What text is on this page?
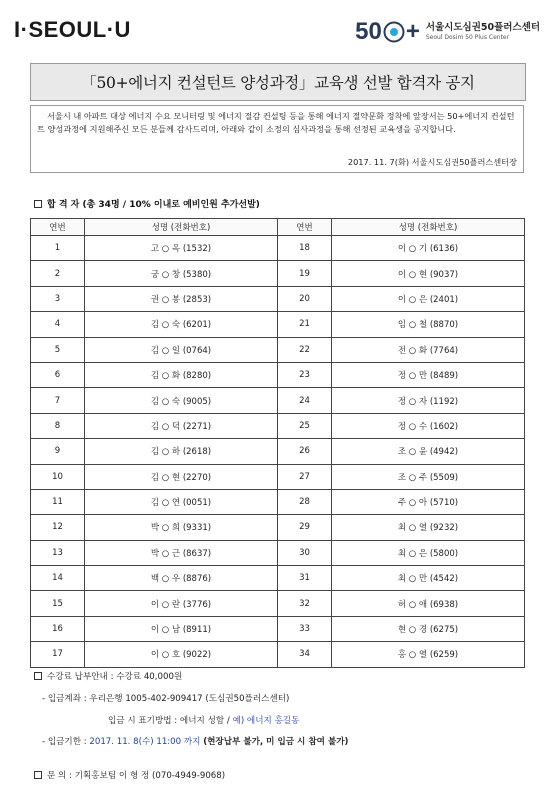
I·SEOUL·U	50 + 서울시도심권50플러스센터
Seoul Dosim 50 Plus Center
「50+에너지 컨설턴트 양성과정」교육생 선발 합격자 공지
서울시 내 아파트 대상 에너지 수요 모니터링 및 에너지 절감 컨설팅 등을 통해 에너지 절약문화 정착에 앞장서는 50+에너지 컨설턴트 양성과정에 지원해주신 모든 분들께 감사드리며, 아래와 같이 소정의 심사과정을 통해 선정된 교육생을 공지합니다.
2017. 11. 7(화) 서울시도심권50플러스센터장
합 격 자 (총 34명 / 10% 이내로 예비인원 추가선발)
연번	성명 (전화번호)	연번	성명 (전화번호)
1	고 ○ 옥 (1532)	18	이 ○ 기 (6136)
2	궁 ○ 창 (5380)	19	이 ○ 현 (9037)
3	권 ○ 봉 (2853)	20	이 ○ 은 (2401)
4	김 ○ 숙 (6201)	21	임 ○ 철 (8870)
5	김 ○ 일 (0764)	22	전 ○ 화 (7764)
6	김 ○ 화 (8280)	23	정 ○ 만 (8489)
7	김 ○ 숙 (9005)	24	정 ○ 자 (1192)
8	김 ○ 덕 (2271)	25	정 ○ 수 (1602)
9	김 ○ 하 (2618)	26	조 ○ 윤 (4942)
10	김 ○ 현 (2270)	27	조 ○ 주 (5509)
11	김 ○ 연 (0051)	28	주 ○ 아 (5710)
12	박 ○ 희 (9331)	29	최 ○ 열 (9232)
13	박 ○ 근 (8637)	30	최 ○ 은 (5800)
14	백 ○ 우 (8876)	31	최 ○ 만 (4542)
15	이 ○ 란 (3776)	32	허 ○ 애 (6938)
16	이 ○ 남 (8911)	33	현 ○ 경 (6275)
17	이 ○ 호 (9022)	34	홍 ○ 열 (6259)
수강료 납부안내 : 수강료 40,000원
- 입금계좌 : 우리은행 1005-402-909417 (도심권50플러스센터)
입금 시 표기방법 : 에너지 성함 / 예) 에너지 홍길동
- 입금기한 : 2017. 11. 8(수) 11:00 까지 (현장납부 불가, 미 입금 시 참여 불가)
문 의 : 기획홍보팀 이 형 정 (070-4949-9068)
